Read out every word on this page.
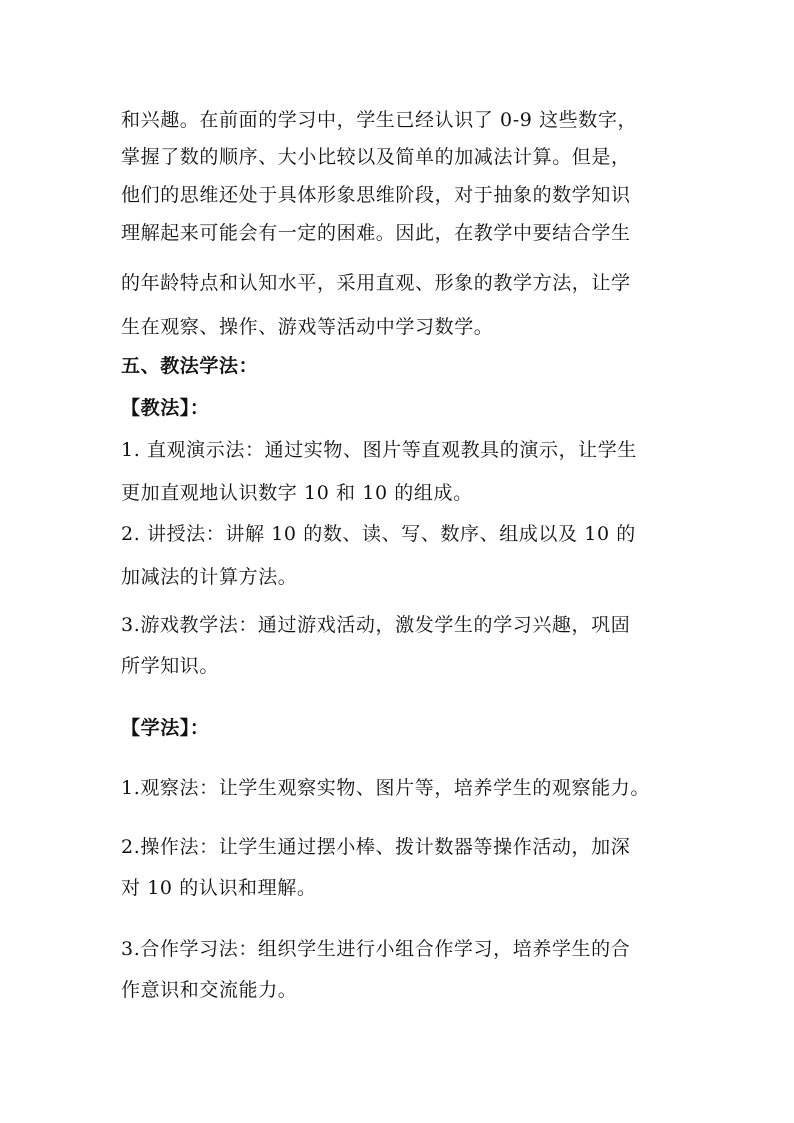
和兴趣。在前面的学习中，学生已经认识了 0-9 这些数字，
掌握了数的顺序、大小比较以及简单的加减法计算。但是，
他们的思维还处于具体形象思维阶段，对于抽象的数学知识
理解起来可能会有一定的困难。因此，在教学中要结合学生
的年龄特点和认知水平，采用直观、形象的教学方法，让学
生在观察、操作、游戏等活动中学习数学。
五、教法学法：
【教法】：
1. 直观演示法：通过实物、图片等直观教具的演示，让学生
更加直观地认识数字 10 和 10 的组成。
2. 讲授法：讲解 10 的数、读、写、数序、组成以及 10 的
加减法的计算方法。
3.游戏教学法：通过游戏活动，激发学生的学习兴趣，巩固
所学知识。
【学法】：
1.观察法：让学生观察实物、图片等，培养学生的观察能力。
2.操作法：让学生通过摆小棒、拨计数器等操作活动，加深
对 10 的认识和理解。
3.合作学习法：组织学生进行小组合作学习，培养学生的合
作意识和交流能力。
